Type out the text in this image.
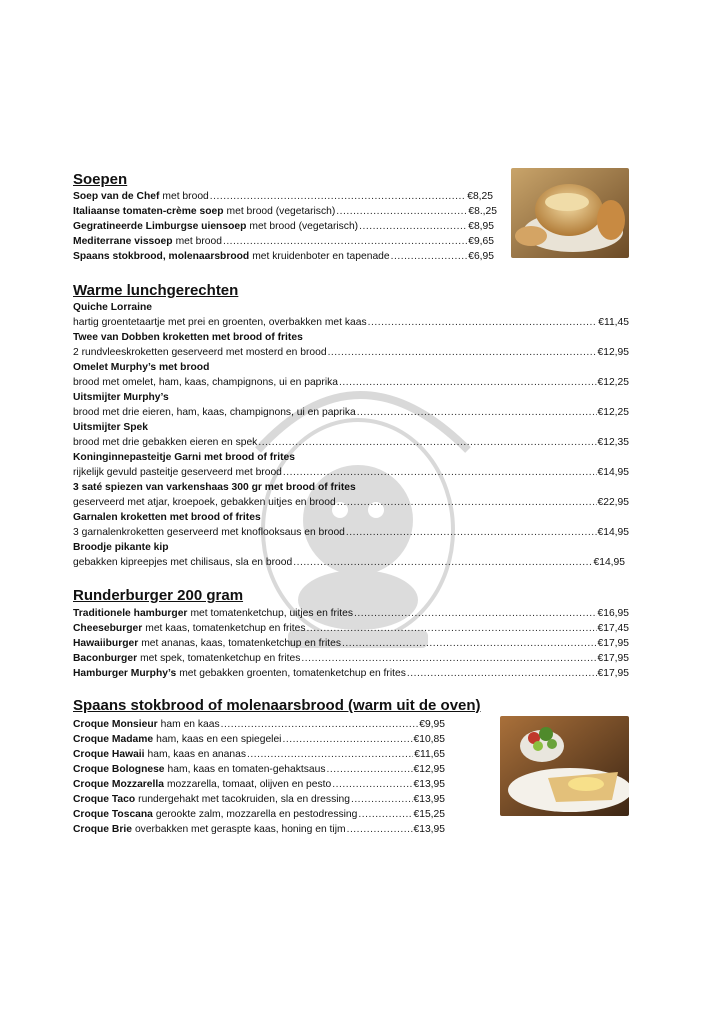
Soepen
Soep van de Chef met brood .....	€8,25
Italiaanse tomaten-crème soep met brood (vegetarisch) .....	€8.,25
Gegratineerde Limburgse uiensoep met brood (vegetarisch) .....	€8,95
Mediterrane vissoep met brood .....	€9,65
Spaans stokbrood, molenaarsbrood met kruidenboter en tapenade .....	€6,95
Warme lunchgerechten
Quiche Lorraine
hartig groentetaartje met prei en groenten, overbakken met kaas .....	€11,45
Twee van Dobben kroketten met brood of frites
2 rundvleeskroketten geserveerd met mosterd en brood .....	€12,95
Omelet Murphy’s met brood
brood met omelet, ham, kaas, champignons, ui en paprika .....	€12,25
Uitsmijter Murphy’s
brood met drie eieren, ham, kaas, champignons, ui en paprika .....	€12,25
Uitsmijter Spek
brood met drie gebakken eieren en spek .....	€12,35
Koninginnepasteitje Garni met brood of frites
rijkelijk gevuld pasteitje geserveerd met brood .....	€14,95
3 saté spiezen van varkenshaas 300 gr met brood of frites
geserveerd met atjar, kroepoek, gebakken uitjes en brood .....	€22,95
Garnalen kroketten met brood of frites
3 garnalenkroketten geserveerd met knoflooksaus en brood .....	€14,95
Broodje pikante kip
gebakken kipreepjes met chilisaus, sla en brood .....	€14,95
Runderburger 200 gram
Traditionele hamburger met tomatenketchup, uitjes en frites .....	€16,95
Cheeseburger met kaas, tomatenketchup en frites .....	€17,45
Hawaiiburger met ananas, kaas, tomatenketchup en frites .....	€17,95
Baconburger met spek, tomatenketchup en frites .....	€17,95
Hamburger Murphy’s met gebakken groenten, tomatenketchup en frites .....	€17,95
Spaans stokbrood of molenaarsbrood (warm uit de oven)
Croque Monsieur ham en kaas .....	€9,95
Croque Madame ham, kaas en een spiegelei .....	€10,85
Croque Hawaii ham, kaas en ananas .....	€11,65
Croque Bolognese ham, kaas en tomaten-gehaktsaus .....	€12,95
Croque Mozzarella mozzarella, tomaat, olijven en pesto .....	€13,95
Croque Taco rundergehakt met tacokruiden, sla en dressing .....	€13,95
Croque Toscana gerookte zalm, mozzarella en pestodressing .....	€15,25
Croque Brie overbakken met geraspte kaas, honing en tijm .....	€13,95
